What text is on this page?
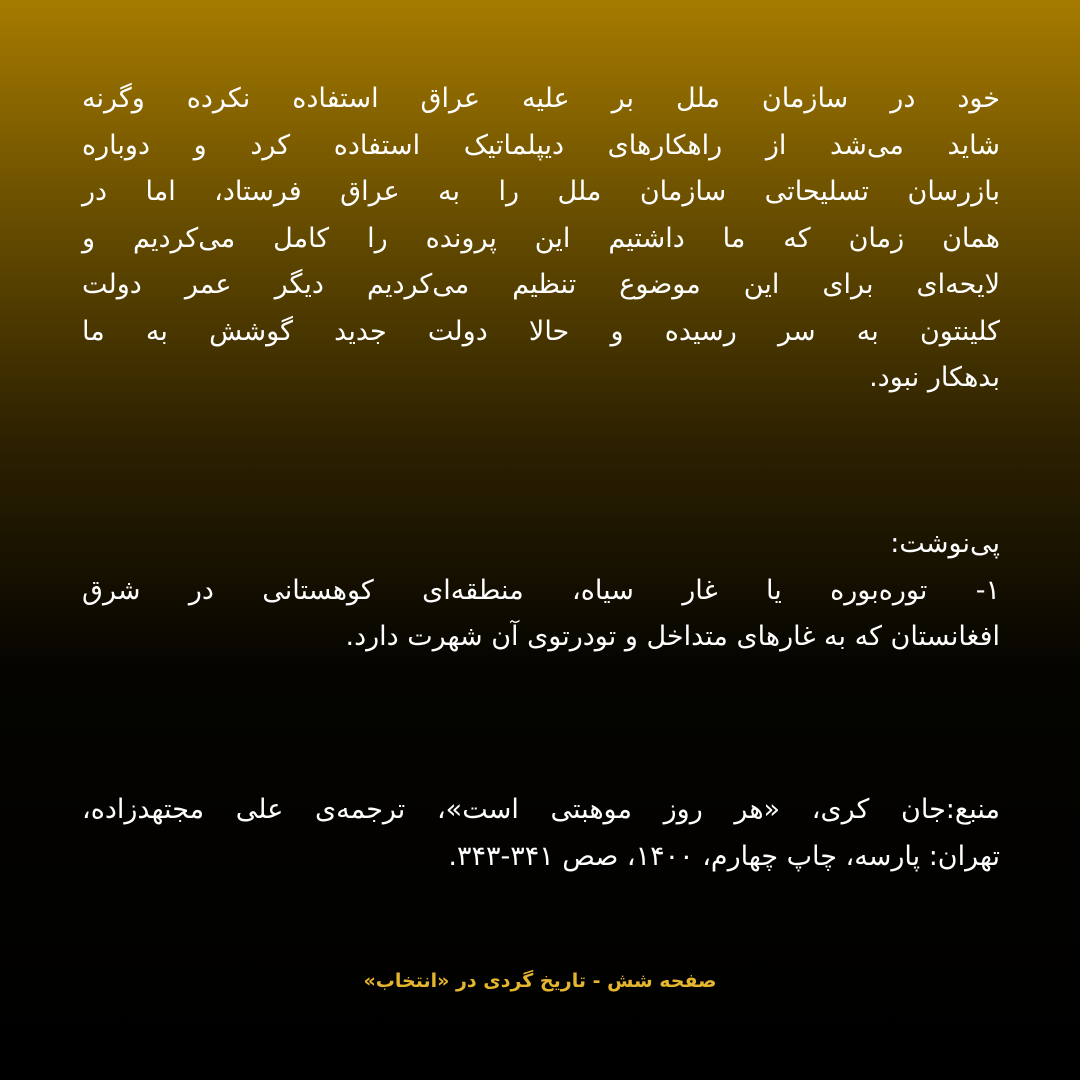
خود در سازمان ملل بر علیه عراق استفاده نکرده وگرنه
شاید می‌شد از راهکارهای دیپلماتیک استفاده کرد و دوباره
بازرسان تسلیحاتی سازمان ملل را به عراق فرستاد، اما در
همان زمان که ما داشتیم این پرونده را کامل می‌کردیم و
لایحه‌ای برای این موضوع تنظیم می‌کردیم دیگر عمر دولت
کلینتون به سر رسیده و حالا دولت جدید گوشش به ما
بدهکار نبود.
پی‌نوشت:
۱- توره‌بوره یا غار سیاه، منطقه‌ای کوهستانی در شرق
افغانستان که به غارهای متداخل و تودرتوی آن شهرت دارد.
منبع:جان کری، «هر روز موهبتی است»، ترجمه‌ی علی مجتهدزاده،
تهران: پارسه، چاپ چهارم، ۱۴۰۰، صص ۳۴۱-۳۴۳.
صفحه شش - تاریخ گردی در «انتخاب»
